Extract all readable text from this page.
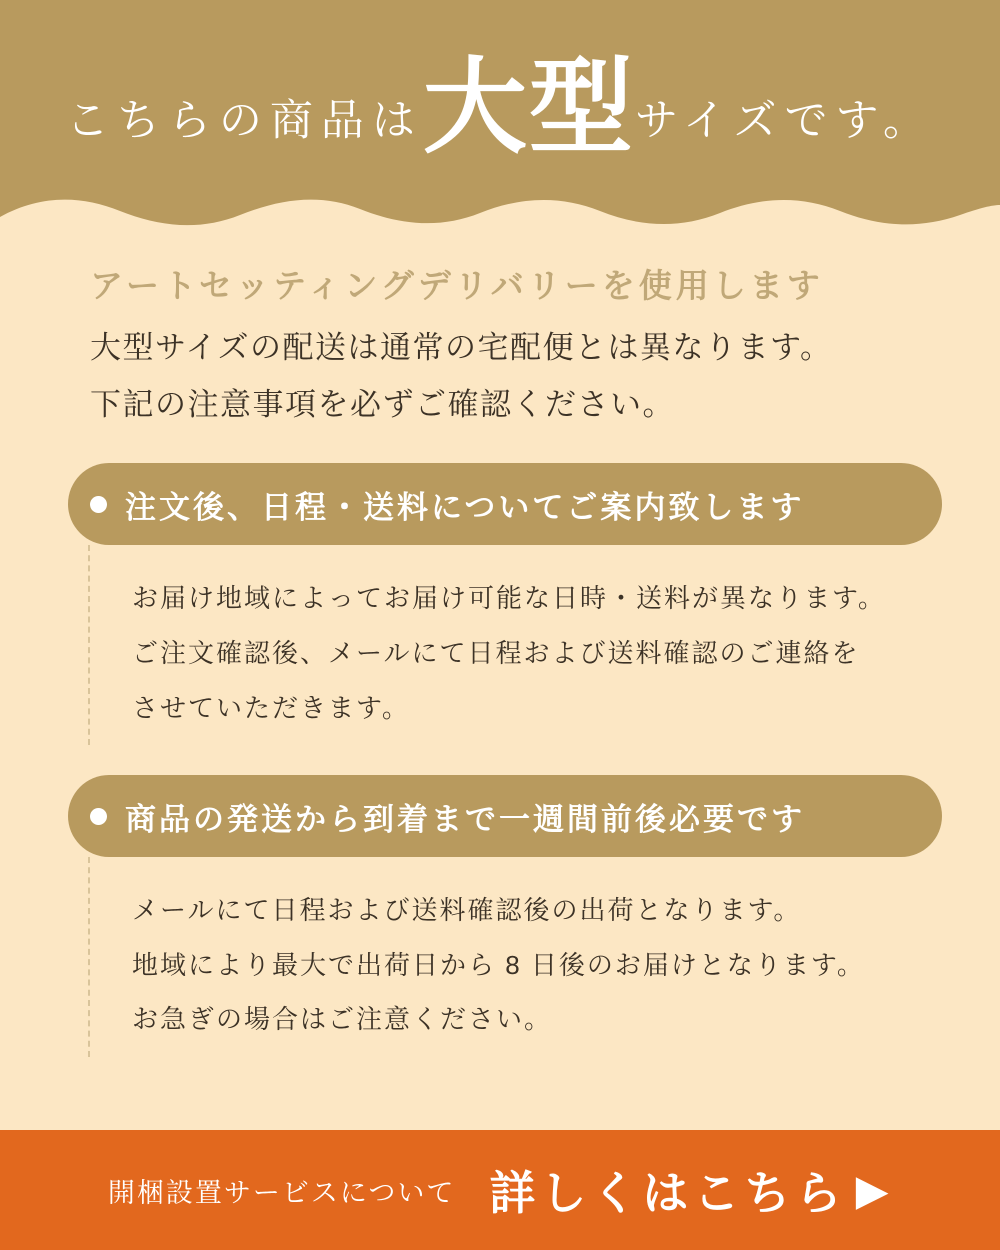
こちらの商品は 大型 サイズです。
アートセッティングデリバリーを使用します
大型サイズの配送は通常の宅配便とは異なります。
下記の注意事項を必ずご確認ください。
注文後、日程・送料についてご案内致します
お届け地域によってお届け可能な日時・送料が異なります。
ご注文確認後、メールにて日程および送料確認のご連絡を
させていただきます。
商品の発送から到着まで一週間前後必要です
メールにて日程および送料確認後の出荷となります。
地域により最大で出荷日から 8 日後のお届けとなります。
お急ぎの場合はご注意ください。
開梱設置サービスについて 詳しくはこちら ▶
